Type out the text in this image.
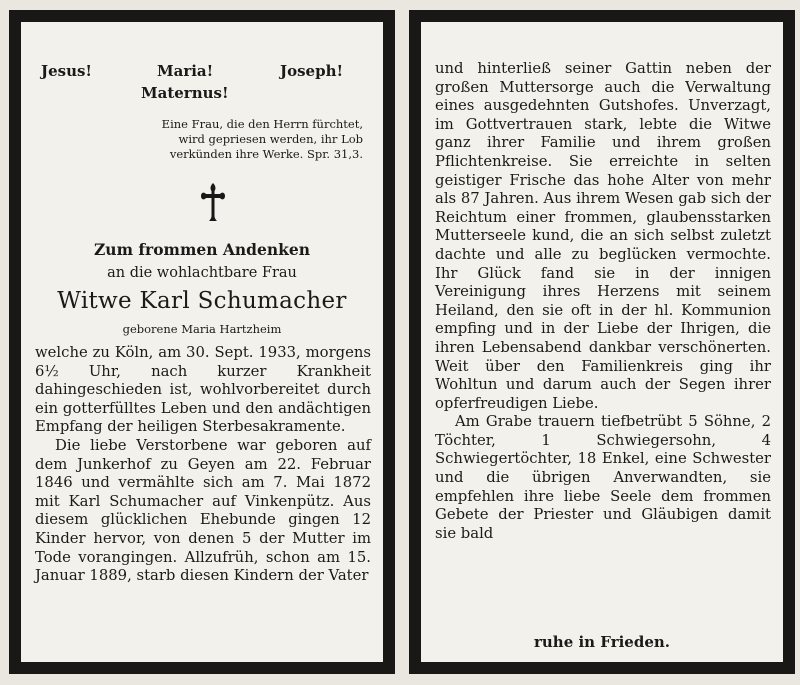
Jesus!	Maria!	Joseph!
Maternus!
Eine Frau, die den Herrn fürchtet,
wird gepriesen werden, ihr Lob
verkünden ihre Werke. Spr. 31,3.
Zum frommen Andenken
an die wohlachtbare Frau
Witwe Karl Schumacher
geborene Maria Hartzheim

welche zu Köln, am 30. Sept. 1933, morgens 6½ Uhr, nach kurzer Krankheit dahingeschieden ist, wohlvorbereitet durch ein gotterfülltes Leben und den andächtigen Empfang der heiligen Sterbesakramente.

Die liebe Verstorbene war geboren auf dem Junkerhof zu Geyen am 22. Februar 1846 und vermählte sich am 7. Mai 1872 mit Karl Schumacher auf Vinkenpütz. Aus diesem glücklichen Ehebunde gingen 12 Kinder hervor, von denen 5 der Mutter im Tode vorangingen. Allzufrüh, schon am 15. Januar 1889, starb diesen Kindern der Vater

und hinterließ seiner Gattin neben der großen Muttersorge auch die Verwaltung eines ausgedehnten Gutshofes. Unverzagt, im Gottvertrauen stark, lebte die Witwe ganz ihrer Familie und ihrem großen Pflichtenkreise. Sie erreichte in selten geistiger Frische das hohe Alter von mehr als 87 Jahren. Aus ihrem Wesen gab sich der Reichtum einer frommen, glaubensstarken Mutterseele kund, die an sich selbst zuletzt dachte und alle zu beglücken vermochte. Ihr Glück fand sie in der innigen Vereinigung ihres Herzens mit seinem Heiland, den sie oft in der hl. Kommunion empfing und in der Liebe der Ihrigen, die ihren Lebensabend dankbar verschönerten. Weit über den Familienkreis ging ihr Wohltun und darum auch der Segen ihrer opferfreudigen Liebe.

Am Grabe trauern tiefbetrübt 5 Söhne, 2 Töchter, 1 Schwiegersohn, 4 Schwiegertöchter, 18 Enkel, eine Schwester und die übrigen Anverwandten, sie empfehlen ihre liebe Seele dem frommen Gebete der Priester und Gläubigen damit sie bald

ruhe in Frieden.
